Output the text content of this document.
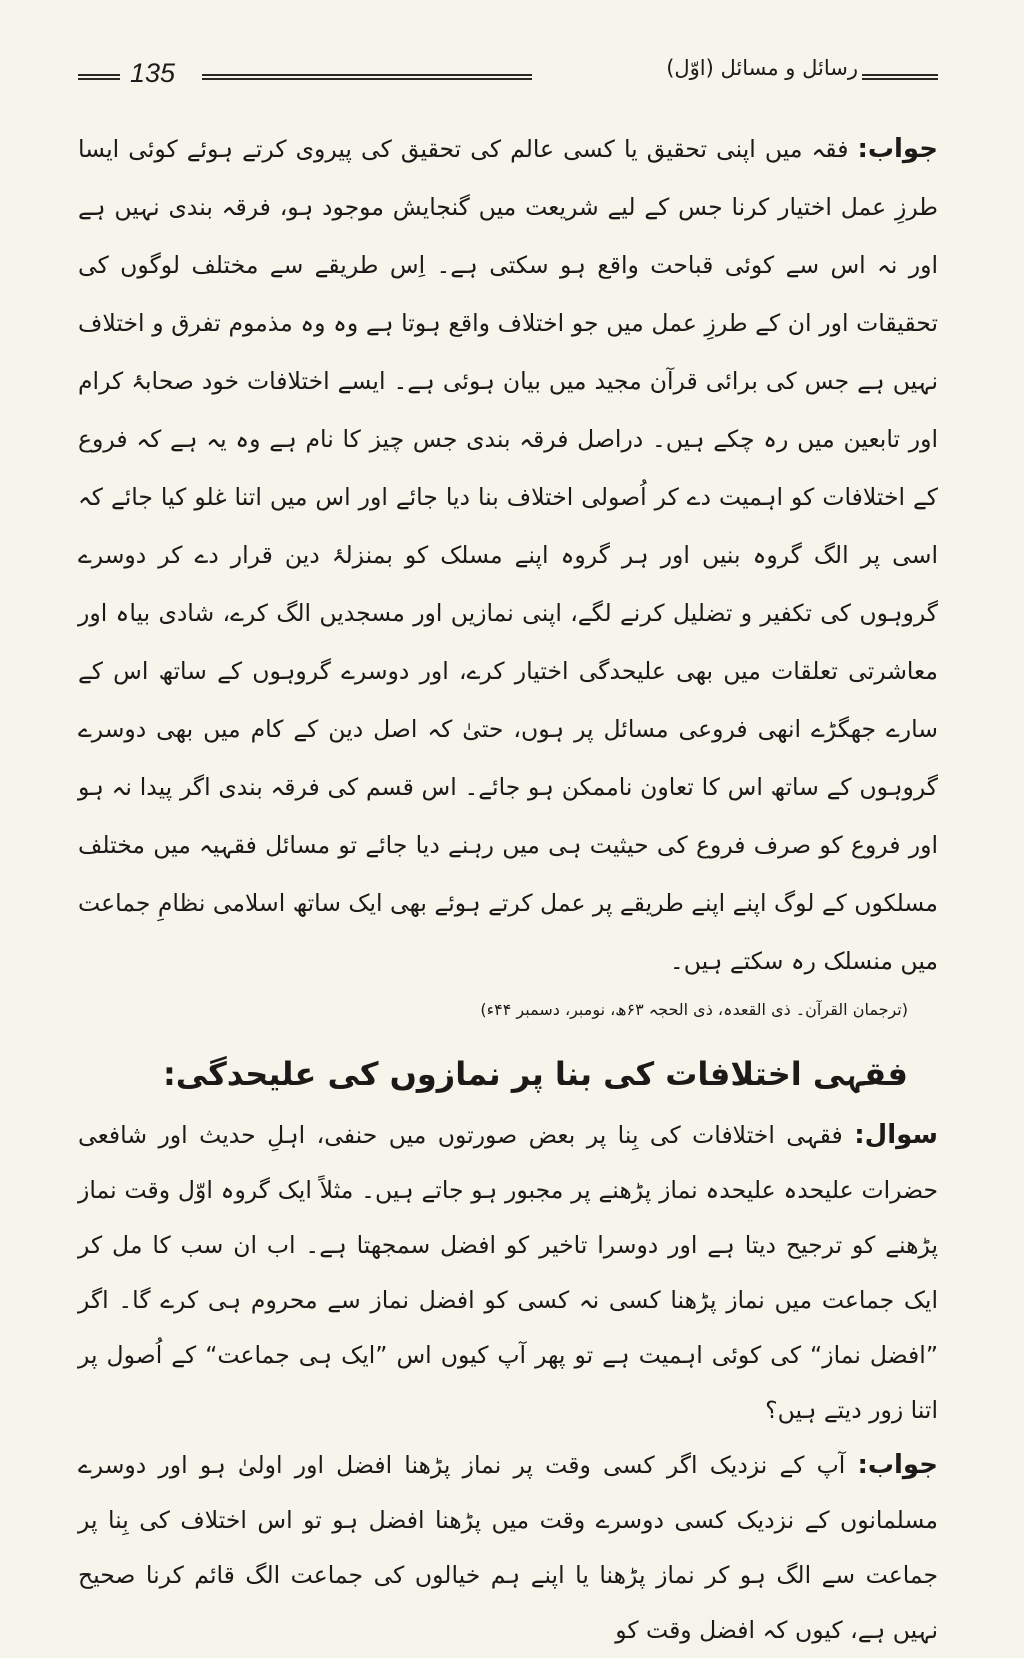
135	رسائل و مسائل (اوّل)

جواب: فقہ میں اپنی تحقیق یا کسی عالم کی تحقیق کی پیروی کرتے ہوئے کوئی ایسا طرزِ عمل اختیار کرنا جس کے لیے شریعت میں گنجایش موجود ہو، فرقہ بندی نہیں ہے اور نہ اس سے کوئی قباحت واقع ہو سکتی ہے۔ اِس طریقے سے مختلف لوگوں کی تحقیقات اور ان کے طرزِ عمل میں جو اختلاف واقع ہوتا ہے وہ وہ مذموم تفرق و اختلاف نہیں ہے جس کی برائی قرآن مجید میں بیان ہوئی ہے۔ ایسے اختلافات خود صحابۂ کرام اور تابعین میں رہ چکے ہیں۔ دراصل فرقہ بندی جس چیز کا نام ہے وہ یہ ہے کہ فروع کے اختلافات کو اہمیت دے کر اُصولی اختلاف بنا دیا جائے اور اس میں اتنا غلو کیا جائے کہ اسی پر الگ گروہ بنیں اور ہر گروہ اپنے مسلک کو بمنزلۂ دین قرار دے کر دوسرے گروہوں کی تکفیر و تضلیل کرنے لگے، اپنی نمازیں اور مسجدیں الگ کرے، شادی بیاہ اور معاشرتی تعلقات میں بھی علیحدگی اختیار کرے، اور دوسرے گروہوں کے ساتھ اس کے سارے جھگڑے انھی فروعی مسائل پر ہوں، حتیٰ کہ اصل دین کے کام میں بھی دوسرے گروہوں کے ساتھ اس کا تعاون ناممکن ہو جائے۔ اس قسم کی فرقہ بندی اگر پیدا نہ ہو اور فروع کو صرف فروع کی حیثیت ہی میں رہنے دیا جائے تو مسائل فقہیہ میں مختلف مسلکوں کے لوگ اپنے اپنے طریقے پر عمل کرتے ہوئے بھی ایک ساتھ اسلامی نظامِ جماعت میں منسلک رہ سکتے ہیں۔

(ترجمان القرآن۔ ذی القعدہ، ذی الحجہ ۶۳ھ، نومبر، دسمبر ۴۴ء)

فقہی اختلافات کی بنا پر نمازوں کی علیحدگی:

سوال: فقہی اختلافات کی بِنا پر بعض صورتوں میں حنفی، اہلِ حدیث اور شافعی حضرات علیحدہ علیحدہ نماز پڑھنے پر مجبور ہو جاتے ہیں۔ مثلاً ایک گروہ اوّل وقت نماز پڑھنے کو ترجیح دیتا ہے اور دوسرا تاخیر کو افضل سمجھتا ہے۔ اب ان سب کا مل کر ایک جماعت میں نماز پڑھنا کسی نہ کسی کو افضل نماز سے محروم ہی کرے گا۔ اگر ”افضل نماز“ کی کوئی اہمیت ہے تو پھر آپ کیوں اس ”ایک ہی جماعت“ کے اُصول پر اتنا زور دیتے ہیں؟

جواب: آپ کے نزدیک اگر کسی وقت پر نماز پڑھنا افضل اور اولیٰ ہو اور دوسرے مسلمانوں کے نزدیک کسی دوسرے وقت میں پڑھنا افضل ہو تو اس اختلاف کی بِنا پر جماعت سے الگ ہو کر نماز پڑھنا یا اپنے ہم خیالوں کی جماعت الگ قائم کرنا صحیح نہیں ہے، کیوں کہ افضل وقت کو
